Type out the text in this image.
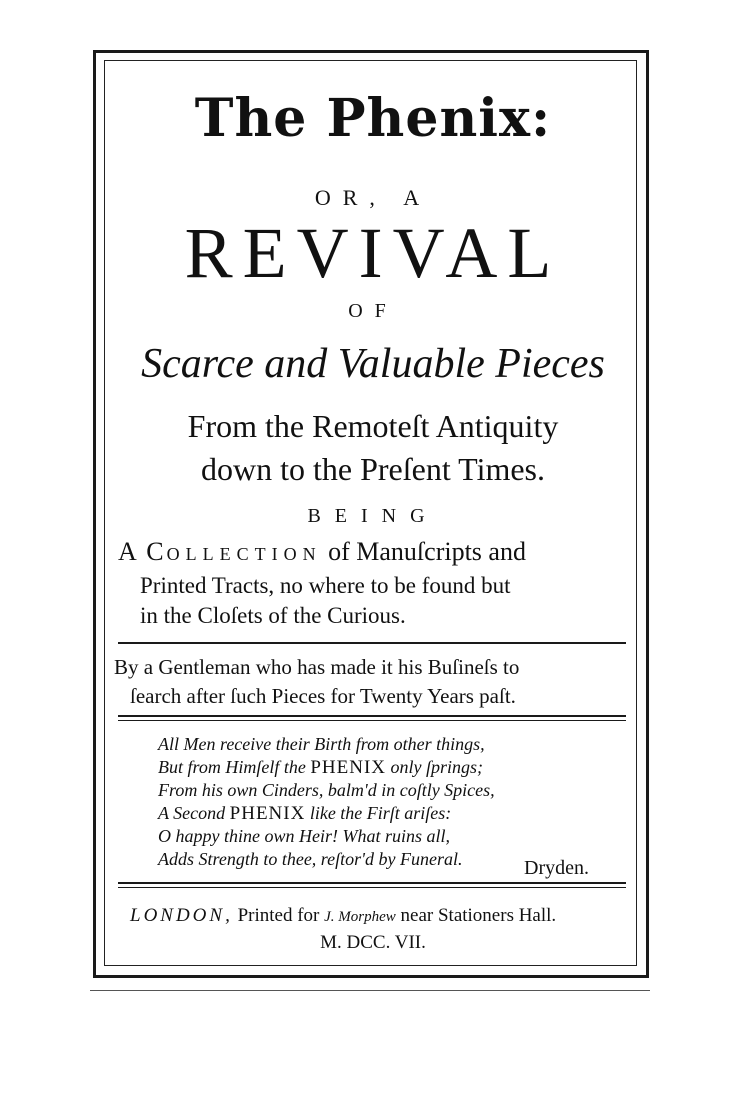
The Phenix:
OR, A
REVIVAL
OF
Scarce and Valuable Pieces
From the Remoteſt Antiquity
down to the Preſent Times.
BEING
A COLLECTION of Manuſcripts and
Printed Tracts, no where to be found but
in the Cloſets of the Curious.
By a Gentleman who has made it his Buſineſs to
ſearch after ſuch Pieces for Twenty Years paſt.
All Men receive their Birth from other things,
But from Himſelf the PHENIX only ſprings;
From his own Cinders, balm'd in coſtly Spices,
A Second PHENIX like the Firſt ariſes:
O happy thine own Heir! What ruins all,
Adds Strength to thee, reſtor'd by Funeral.	Dryden.
LONDON, Printed for J. Morphew near Stationers Hall.
M. DCC. VII.
